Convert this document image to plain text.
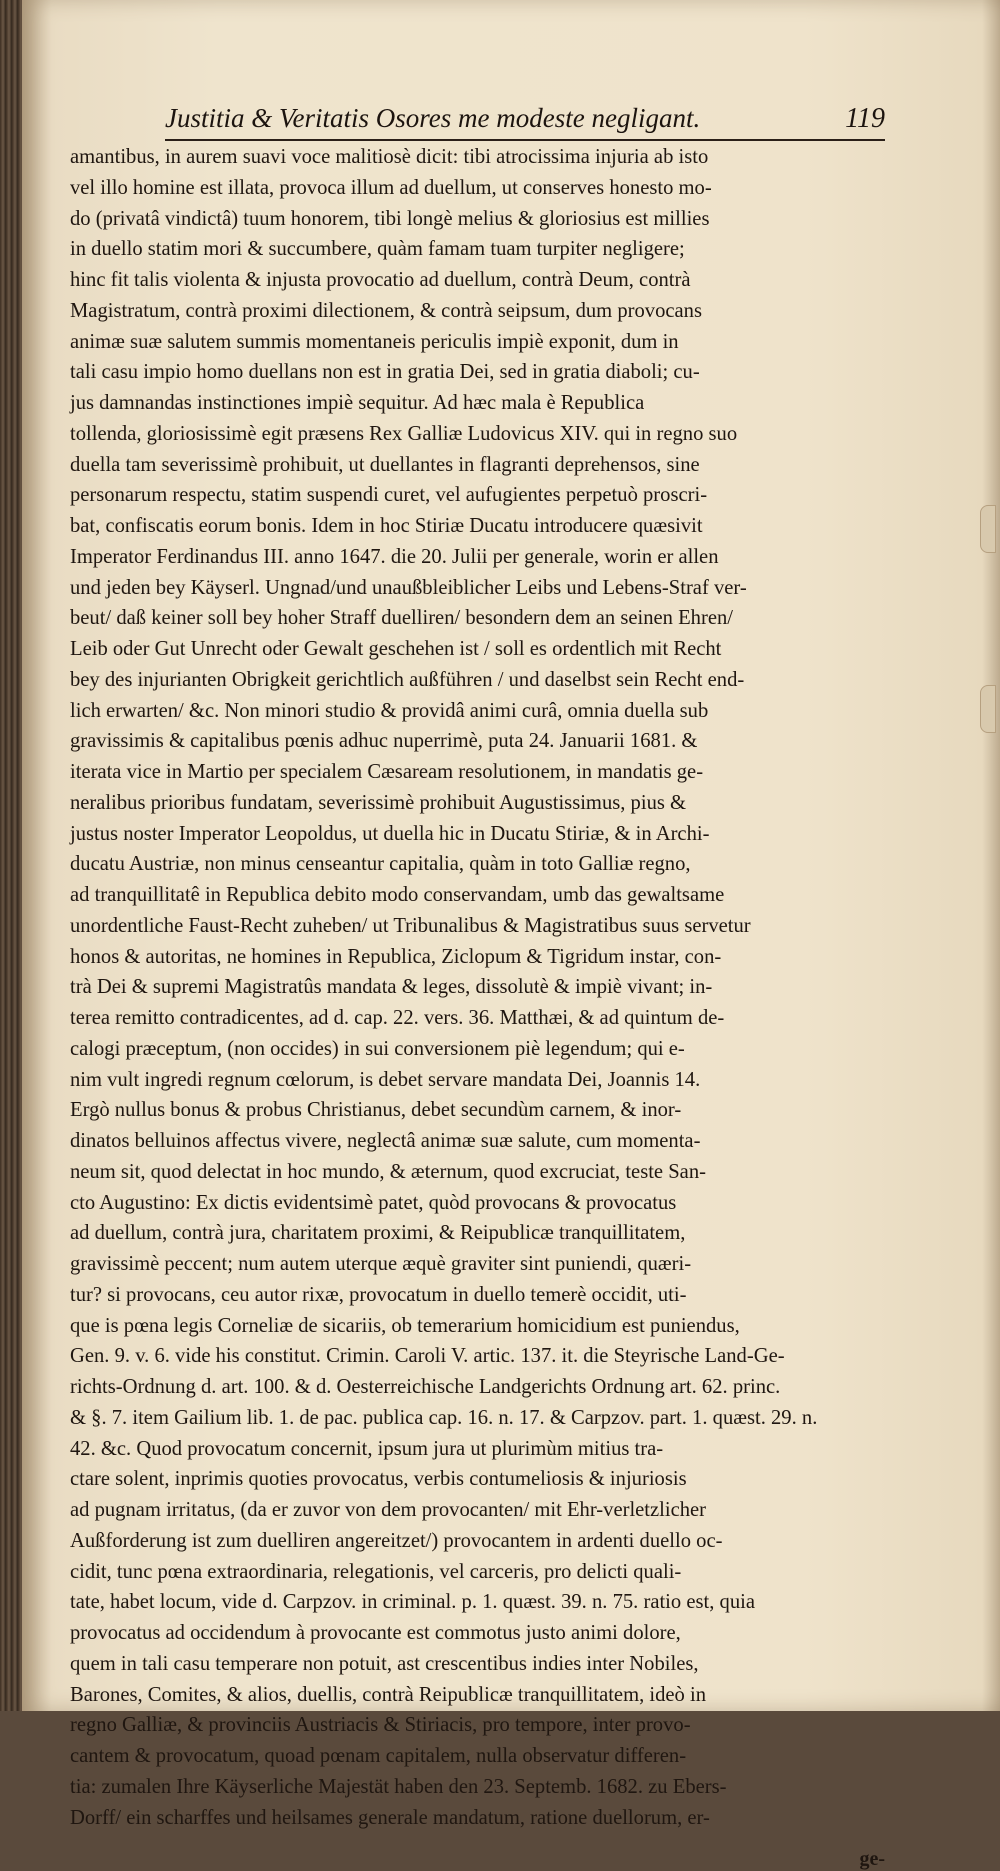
Justitia & Veritatis Osores me modeste negligant.	119
amantibus, in aurem suavi voce malitiosè dicit: tibi atrocissima injuria ab isto
vel illo homine est illata, provoca illum ad duellum, ut conserves honesto mo-
do (privatâ vindictâ) tuum honorem, tibi longè melius & gloriosius est millies
in duello statim mori & succumbere, quàm famam tuam turpiter negligere;
hinc fit talis violenta & injusta provocatio ad duellum, contrà Deum, contrà
Magistratum, contrà proximi dilectionem, & contrà seipsum, dum provocans
animæ suæ salutem summis momentaneis periculis impiè exponit, dum in
tali casu impio homo duellans non est in gratia Dei, sed in gratia diaboli; cu-
jus damnandas instinctiones impiè sequitur. Ad hæc mala è Republica
tollenda, gloriosissimè egit præsens Rex Galliæ Ludovicus XIV. qui in regno suo
duella tam severissimè prohibuit, ut duellantes in flagranti deprehensos, sine
personarum respectu, statim suspendi curet, vel aufugientes perpetuò proscri-
bat, confiscatis eorum bonis. Idem in hoc Stiriæ Ducatu introducere quæsivit
Imperator Ferdinandus III. anno 1647. die 20. Julii per generale, worin er allen
und jeden bey Käyserl. Ungnad/und unaußbleiblicher Leibs und Lebens-Straf ver-
beut/ daß keiner soll bey hoher Straff duelliren/ besondern dem an seinen Ehren/
Leib oder Gut Unrecht oder Gewalt geschehen ist / soll es ordentlich mit Recht
bey des injurianten Obrigkeit gerichtlich außführen / und daselbst sein Recht end-
lich erwarten/ &c. Non minori studio & providâ animi curâ, omnia duella sub
gravissimis & capitalibus pœnis adhuc nuperrimè, puta 24. Januarii 1681. &
iterata vice in Martio per specialem Cæsaream resolutionem, in mandatis ge-
neralibus prioribus fundatam, severissimè prohibuit Augustissimus, pius &
justus noster Imperator Leopoldus, ut duella hic in Ducatu Stiriæ, & in Archi-
ducatu Austriæ, non minus censeantur capitalia, quàm in toto Galliæ regno,
ad tranquillitatê in Republica debito modo conservandam, umb das gewaltsame
unordentliche Faust-Recht zuheben/ ut Tribunalibus & Magistratibus suus servetur
honos & autoritas, ne homines in Republica, Ziclopum & Tigridum instar, con-
trà Dei & supremi Magistratûs mandata & leges, dissolutè & impiè vivant; in-
terea remitto contradicentes, ad d. cap. 22. vers. 36. Matthæi, & ad quintum de-
calogi præceptum, (non occides) in sui conversionem piè legendum; qui e-
nim vult ingredi regnum cœlorum, is debet servare mandata Dei, Joannis 14.
Ergò nullus bonus & probus Christianus, debet secundùm carnem, & inor-
dinatos belluinos affectus vivere, neglectâ animæ suæ salute, cum momenta-
neum sit, quod delectat in hoc mundo, & æternum, quod excruciat, teste San-
cto Augustino: Ex dictis evidentsimè patet, quòd provocans & provocatus
ad duellum, contrà jura, charitatem proximi, & Reipublicæ tranquillitatem,
gravissimè peccent; num autem uterque æquè graviter sint puniendi, quæri-
tur? si provocans, ceu autor rixæ, provocatum in duello temerè occidit, uti-
que is pœna legis Corneliæ de sicariis, ob temerarium homicidium est puniendus,
Gen. 9. v. 6. vide his constitut. Crimin. Caroli V. artic. 137. it. die Steyrische Land-Ge-
richts-Ordnung d. art. 100. & d. Oesterreichische Landgerichts Ordnung art. 62. princ.
& §. 7. item Gailium lib. 1. de pac. publica cap. 16. n. 17. & Carpzov. part. 1. quæst. 29. n.
42. &c. Quod provocatum concernit, ipsum jura ut plurimùm mitius tra-
ctare solent, inprimis quoties provocatus, verbis contumeliosis & injuriosis
ad pugnam irritatus, (da er zuvor von dem provocanten/ mit Ehr-verletzlicher
Außforderung ist zum duelliren angereitzet/) provocantem in ardenti duello oc-
cidit, tunc pœna extraordinaria, relegationis, vel carceris, pro delicti quali-
tate, habet locum, vide d. Carpzov. in criminal. p. 1. quæst. 39. n. 75. ratio est, quia
provocatus ad occidendum à provocante est commotus justo animi dolore,
quem in tali casu temperare non potuit, ast crescentibus indies inter Nobiles,
Barones, Comites, & alios, duellis, contrà Reipublicæ tranquillitatem, ideò in
regno Galliæ, & provinciis Austriacis & Stiriacis, pro tempore, inter provo-
cantem & provocatum, quoad pœnam capitalem, nulla observatur differen-
tia: zumalen Ihre Käyserliche Majestät haben den 23. Septemb. 1682. zu Ebers-
Dorff/ ein scharffes und heilsames generale mandatum, ratione duellorum, er-
ge-
